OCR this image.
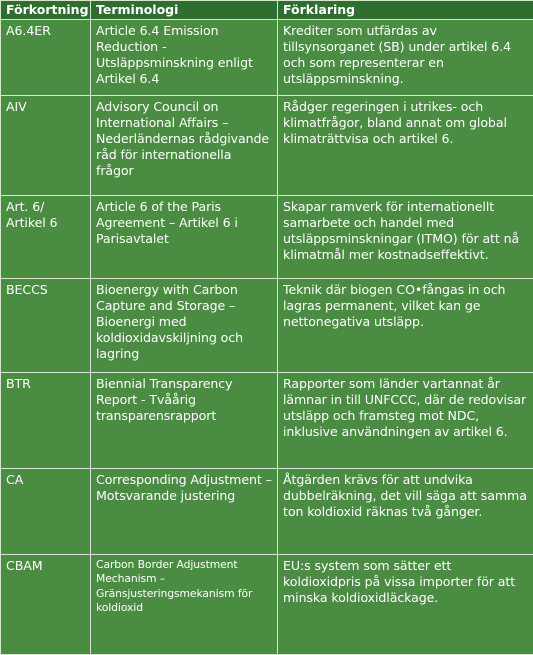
Förkortning	Terminologi	Förklaring
A6.4ER	Article 6.4 Emission Reduction - Utsläppsminskning enligt Artikel 6.4	Krediter som utfärdas av tillsynsorganet (SB) under artikel 6.4 och som representerar en utsläppsminskning.
AIV	Advisory Council on International Affairs – Nederländernas rådgivande råd för internationella frågor	Rådger regeringen i utrikes- och klimatfrågor, bland annat om global klimaträttvisa och artikel 6.
Art. 6/ Artikel 6	Article 6 of the Paris Agreement – Artikel 6 i Parisavtalet	Skapar ramverk för internationellt samarbete och handel med utsläppsminskningar (ITMO) för att nå klimatmål mer kostnadseffektivt.
BECCS	Bioenergy with Carbon Capture and Storage – Bioenergi med koldioxidavskiljning och lagring	Teknik där biogen CO•fångas in och lagras permanent, vilket kan ge nettonegativa utsläpp.
BTR	Biennial Transparency Report - Tvåårig transparensrapport	Rapporter som länder vartannat år lämnar in till UNFCCC, där de redovisar utsläpp och framsteg mot NDC, inklusive användningen av artikel 6.
CA	Corresponding Adjustment – Motsvarande justering	Åtgärden krävs för att undvika dubbelräkning, det vill säga att samma ton koldioxid räknas två gånger.
CBAM	Carbon Border Adjustment Mechanism – Gränsjusteringsmekanism för koldioxid	EU:s system som sätter ett koldioxidpris på vissa importer för att minska koldioxidläckage.
